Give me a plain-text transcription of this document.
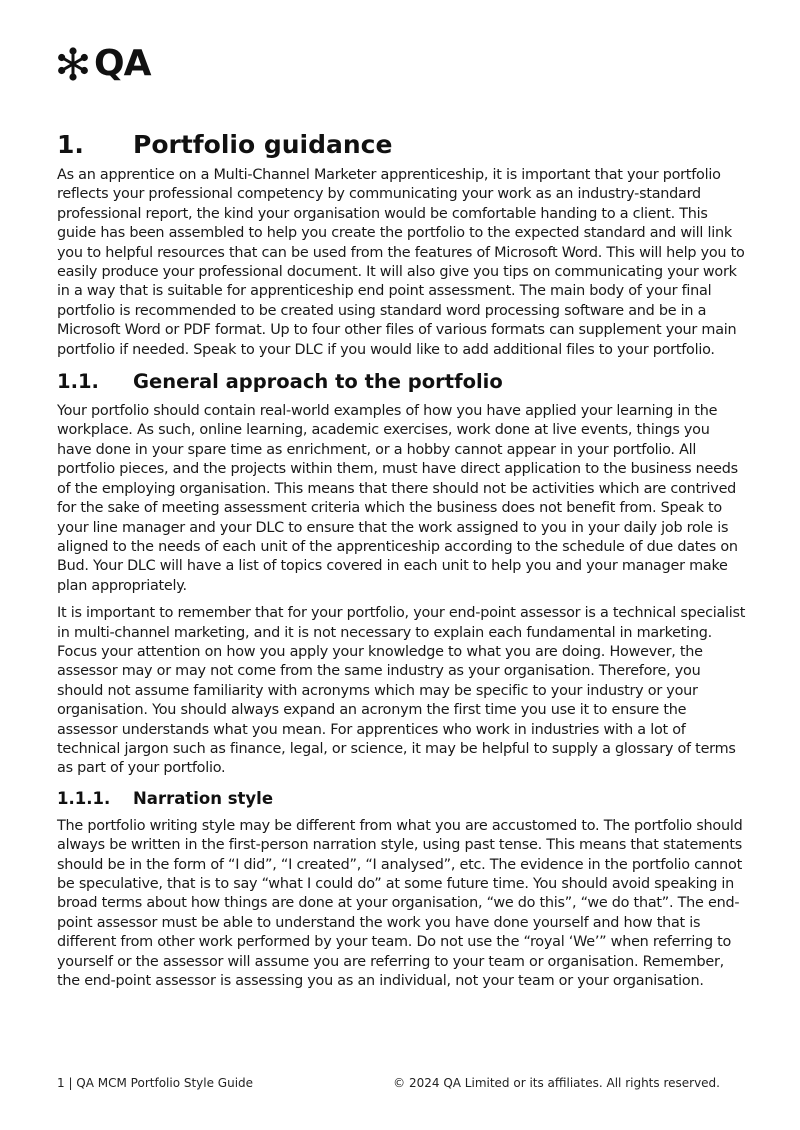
QA
1.	Portfolio guidance

As an apprentice on a Multi-Channel Marketer apprenticeship, it is important that your portfolio reflects your professional competency by communicating your work as an industry-standard professional report, the kind your organisation would be comfortable handing to a client. This guide has been assembled to help you create the portfolio to the expected standard and will link you to helpful resources that can be used from the features of Microsoft Word. This will help you to easily produce your professional document. It will also give you tips on communicating your work in a way that is suitable for apprenticeship end point assessment. The main body of your final portfolio is recommended to be created using standard word processing software and be in a Microsoft Word or PDF format. Up to four other files of various formats can supplement your main portfolio if needed. Speak to your DLC if you would like to add additional files to your portfolio.

1.1.	General approach to the portfolio

Your portfolio should contain real-world examples of how you have applied your learning in the workplace. As such, online learning, academic exercises, work done at live events, things you have done in your spare time as enrichment, or a hobby cannot appear in your portfolio. All portfolio pieces, and the projects within them, must have direct application to the business needs of the employing organisation. This means that there should not be activities which are contrived for the sake of meeting assessment criteria which the business does not benefit from. Speak to your line manager and your DLC to ensure that the work assigned to you in your daily job role is aligned to the needs of each unit of the apprenticeship according to the schedule of due dates on Bud. Your DLC will have a list of topics covered in each unit to help you and your manager make plan appropriately.

It is important to remember that for your portfolio, your end-point assessor is a technical specialist in multi-channel marketing, and it is not necessary to explain each fundamental in marketing. Focus your attention on how you apply your knowledge to what you are doing. However, the assessor may or may not come from the same industry as your organisation. Therefore, you should not assume familiarity with acronyms which may be specific to your industry or your organisation. You should always expand an acronym the first time you use it to ensure the assessor understands what you mean. For apprentices who work in industries with a lot of technical jargon such as finance, legal, or science, it may be helpful to supply a glossary of terms as part of your portfolio.

1.1.1.	Narration style

The portfolio writing style may be different from what you are accustomed to. The portfolio should always be written in the first-person narration style, using past tense. This means that statements should be in the form of “I did”, “I created”, “I analysed”, etc. The evidence in the portfolio cannot be speculative, that is to say “what I could do” at some future time. You should avoid speaking in broad terms about how things are done at your organisation, “we do this”, “we do that”. The end-point assessor must be able to understand the work you have done yourself and how that is different from other work performed by your team. Do not use the “royal ‘We’” when referring to yourself or the assessor will assume you are referring to your team or organisation. Remember, the end-point assessor is assessing you as an individual, not your team or your organisation.

1 | QA MCM Portfolio Style Guide	© 2024 QA Limited or its affiliates. All rights reserved.
